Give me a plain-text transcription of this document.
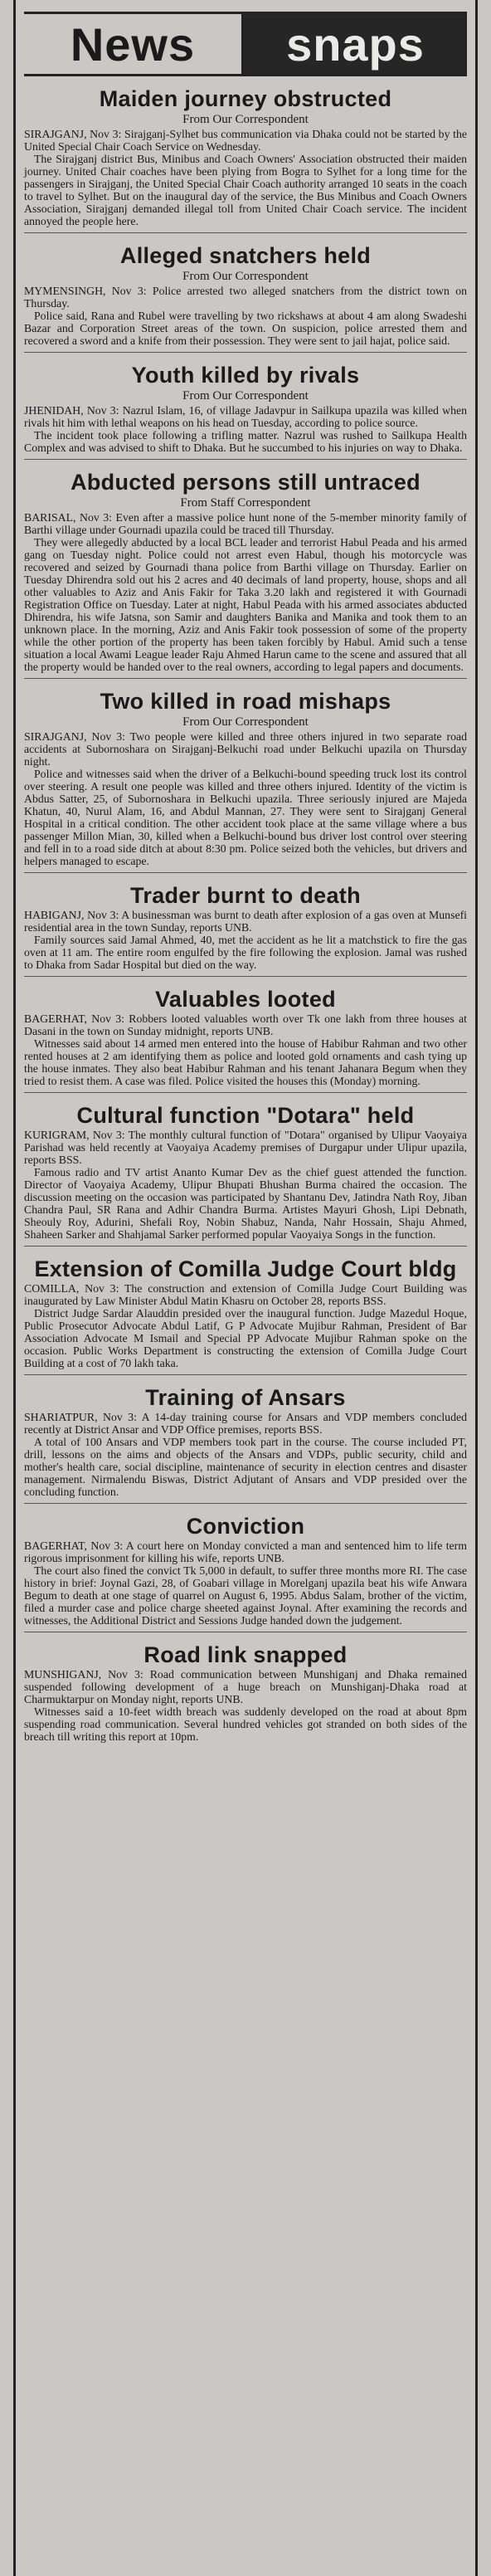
News	snaps
Maiden journey obstructed
From Our Correspondent

SIRAJGANJ, Nov 3: Sirajganj-Sylhet bus communication via Dhaka could not be started by the United Special Chair Coach Service on Wednesday.

The Sirajganj district Bus, Minibus and Coach Owners' Association obstructed their maiden journey. United Chair coaches have been plying from Bogra to Sylhet for a long time for the passengers in Sirajganj, the United Special Chair Coach authority arranged 10 seats in the coach to travel to Sylhet. But on the inaugural day of the service, the Bus Minibus and Coach Owners Association, Sirajganj demanded illegal toll from United Chair Coach service. The incident annoyed the people here.

Alleged snatchers held
From Our Correspondent

MYMENSINGH, Nov 3: Police arrested two alleged snatchers from the district town on Thursday.

Police said, Rana and Rubel were travelling by two rickshaws at about 4 am along Swadeshi Bazar and Corporation Street areas of the town. On suspicion, police arrested them and recovered a sword and a knife from their possession. They were sent to jail hajat, police said.

Youth killed by rivals
From Our Correspondent

JHENIDAH, Nov 3: Nazrul Islam, 16, of village Jadavpur in Sailkupa upazila was killed when rivals hit him with lethal weapons on his head on Tuesday, according to police source.

The incident took place following a trifling matter. Nazrul was rushed to Sailkupa Health Complex and was advised to shift to Dhaka. But he succumbed to his injuries on way to Dhaka.

Abducted persons still untraced
From Staff Correspondent

BARISAL, Nov 3: Even after a massive police hunt none of the 5-member minority family of Barthi village under Gournadi upazila could be traced till Thursday.

They were allegedly abducted by a local BCL leader and terrorist Habul Peada and his armed gang on Tuesday night. Police could not arrest even Habul, though his motorcycle was recovered and seized by Gournadi thana police from Barthi village on Thursday. Earlier on Tuesday Dhirendra sold out his 2 acres and 40 decimals of land property, house, shops and all other valuables to Aziz and Anis Fakir for Taka 3.20 lakh and registered it with Gournadi Registration Office on Tuesday. Later at night, Habul Peada with his armed associates abducted Dhirendra, his wife Jatsna, son Samir and daughters Banika and Manika and took them to an unknown place. In the morning, Aziz and Anis Fakir took possession of some of the property while the other portion of the property has been taken forcibly by Habul. Amid such a tense situation a local Awami League leader Raju Ahmed Harun came to the scene and assured that all the property would be handed over to the real owners, according to legal papers and documents.

Two killed in road mishaps
From Our Correspondent

SIRAJGANJ, Nov 3: Two people were killed and three others injured in two separate road accidents at Subornoshara on Sirajganj-Belkuchi road under Belkuchi upazila on Thursday night.

Police and witnesses said when the driver of a Belkuchi-bound speeding truck lost its control over steering. A result one people was killed and three others injured. Identity of the victim is Abdus Satter, 25, of Subornoshara in Belkuchi upazila. Three seriously injured are Majeda Khatun, 40, Nurul Alam, 16, and Abdul Mannan, 27. They were sent to Sirajganj General Hospital in a critical condition. The other accident took place at the same village where a bus passenger Millon Mian, 30, killed when a Belkuchi-bound bus driver lost control over steering and fell in to a road side ditch at about 8:30 pm. Police seized both the vehicles, but drivers and helpers managed to escape.

Trader burnt to death

HABIGANJ, Nov 3: A businessman was burnt to death after explosion of a gas oven at Munsefi residential area in the town Sunday, reports UNB.

Family sources said Jamal Ahmed, 40, met the accident as he lit a matchstick to fire the gas oven at 11 am. The entire room engulfed by the fire following the explosion. Jamal was rushed to Dhaka from Sadar Hospital but died on the way.

Valuables looted

BAGERHAT, Nov 3: Robbers looted valuables worth over Tk one lakh from three houses at Dasani in the town on Sunday midnight, reports UNB.

Witnesses said about 14 armed men entered into the house of Habibur Rahman and two other rented houses at 2 am identifying them as police and looted gold ornaments and cash tying up the house inmates. They also beat Habibur Rahman and his tenant Jahanara Begum when they tried to resist them. A case was filed. Police visited the houses this (Monday) morning.

Cultural function "Dotara" held

KURIGRAM, Nov 3: The monthly cultural function of "Dotara" organised by Ulipur Vaoyaiya Parishad was held recently at Vaoyaiya Academy premises of Durgapur under Ulipur upazila, reports BSS.

Famous radio and TV artist Ananto Kumar Dev as the chief guest attended the function. Director of Vaoyaiya Academy, Ulipur Bhupati Bhushan Burma chaired the occasion. The discussion meeting on the occasion was participated by Shantanu Dev, Jatindra Nath Roy, Jiban Chandra Paul, SR Rana and Adhir Chandra Burma. Artistes Mayuri Ghosh, Lipi Debnath, Sheouly Roy, Adurini, Shefali Roy, Nobin Shabuz, Nanda, Nahr Hossain, Shaju Ahmed, Shaheen Sarker and Shahjamal Sarker performed popular Vaoyaiya Songs in the function.

Extension of Comilla Judge Court bldg

COMILLA, Nov 3: The construction and extension of Comilla Judge Court Building was inaugurated by Law Minister Abdul Matin Khasru on October 28, reports BSS.

District Judge Sardar Alauddin presided over the inaugural function. Judge Mazedul Hoque, Public Prosecutor Advocate Abdul Latif, G P Advocate Mujibur Rahman, President of Bar Association Advocate M Ismail and Special PP Advocate Mujibur Rahman spoke on the occasion. Public Works Department is constructing the extension of Comilla Judge Court Building at a cost of 70 lakh taka.

Training of Ansars

SHARIATPUR, Nov 3: A 14-day training course for Ansars and VDP members concluded recently at District Ansar and VDP Office premises, reports BSS.

A total of 100 Ansars and VDP members took part in the course. The course included PT, drill, lessons on the aims and objects of the Ansars and VDPs, public security, child and mother's health care, social discipline, maintenance of security in election centres and disaster management. Nirmalendu Biswas, District Adjutant of Ansars and VDP presided over the concluding function.

Conviction

BAGERHAT, Nov 3: A court here on Monday convicted a man and sentenced him to life term rigorous imprisonment for killing his wife, reports UNB.

The court also fined the convict Tk 5,000 in default, to suffer three months more RI. The case history in brief: Joynal Gazi, 28, of Goabari village in Morelganj upazila beat his wife Anwara Begum to death at one stage of quarrel on August 6, 1995. Abdus Salam, brother of the victim, filed a murder case and police charge sheeted against Joynal. After examining the records and witnesses, the Additional District and Sessions Judge handed down the judgement.

Road link snapped

MUNSHIGANJ, Nov 3: Road communication between Munshiganj and Dhaka remained suspended following development of a huge breach on Munshiganj-Dhaka road at Charmuktarpur on Monday night, reports UNB.

Witnesses said a 10-feet width breach was suddenly developed on the road at about 8pm suspending road communication. Several hundred vehicles got stranded on both sides of the breach till writing this report at 10pm.
